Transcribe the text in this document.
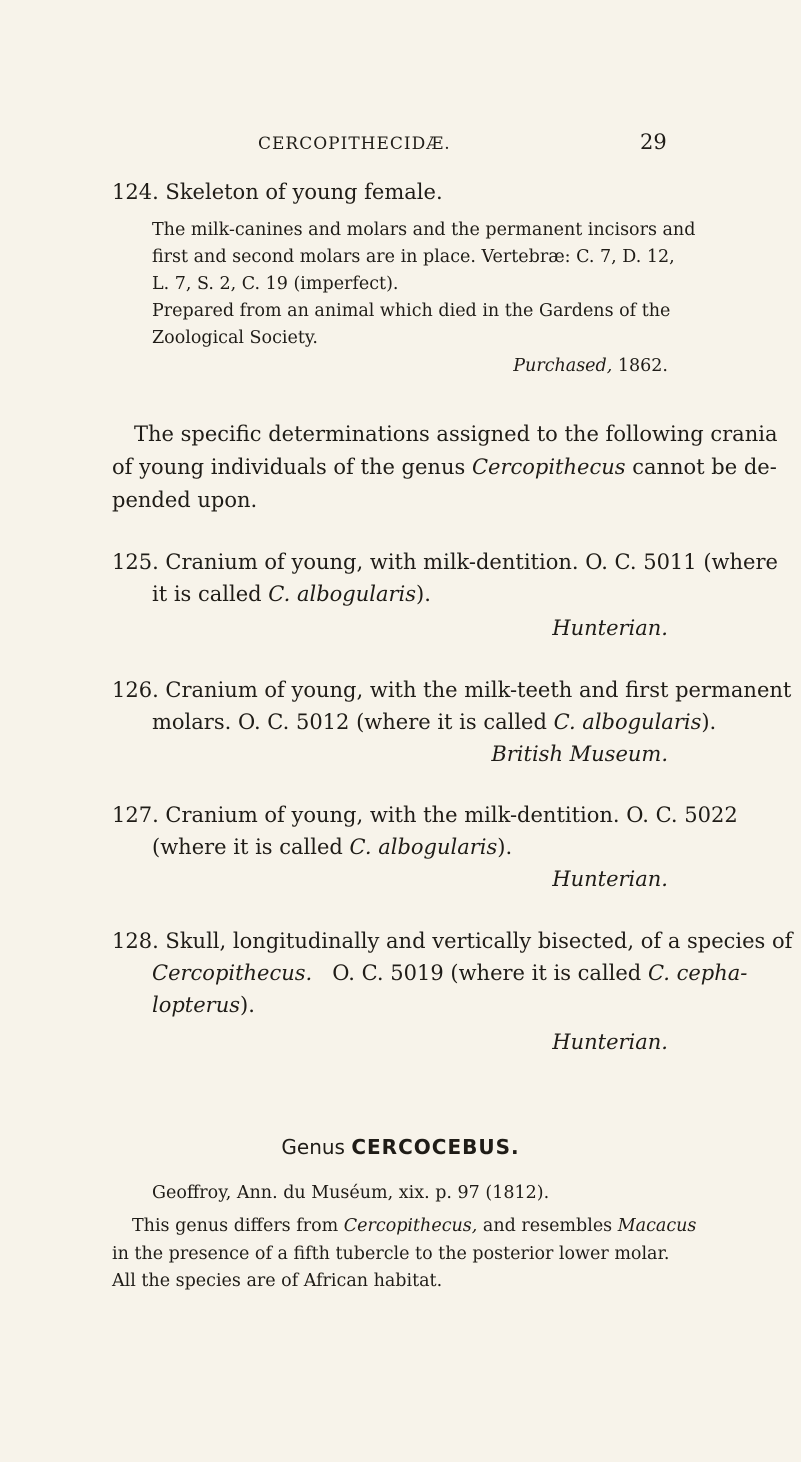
CERCOPITHECIDÆ.	29
124. Skeleton of young female.
The milk-canines and molars and the permanent incisors and
first and second molars are in place. Vertebræ: C. 7, D. 12,
L. 7, S. 2, C. 19 (imperfect).
Prepared from an animal which died in the Gardens of the
Zoological Society.
Purchased, 1862.
The specific determinations assigned to the following crania
of young individuals of the genus Cercopithecus cannot be de-
pended upon.
125. Cranium of young, with milk-dentition. O. C. 5011 (where
it is called C. albogularis).
Hunterian.
126. Cranium of young, with the milk-teeth and first permanent
molars. O. C. 5012 (where it is called C. albogularis).
British Museum.
127. Cranium of young, with the milk-dentition. O. C. 5022
(where it is called C. albogularis).
Hunterian.
128. Skull, longitudinally and vertically bisected, of a species of
Cercopithecus. O. C. 5019 (where it is called C. cepha-
lopterus).
Hunterian.
Genus CERCOCEBUS.
Geoffroy, Ann. du Muséum, xix. p. 97 (1812).
This genus differs from Cercopithecus, and resembles Macacus
in the presence of a fifth tubercle to the posterior lower molar.
All the species are of African habitat.
